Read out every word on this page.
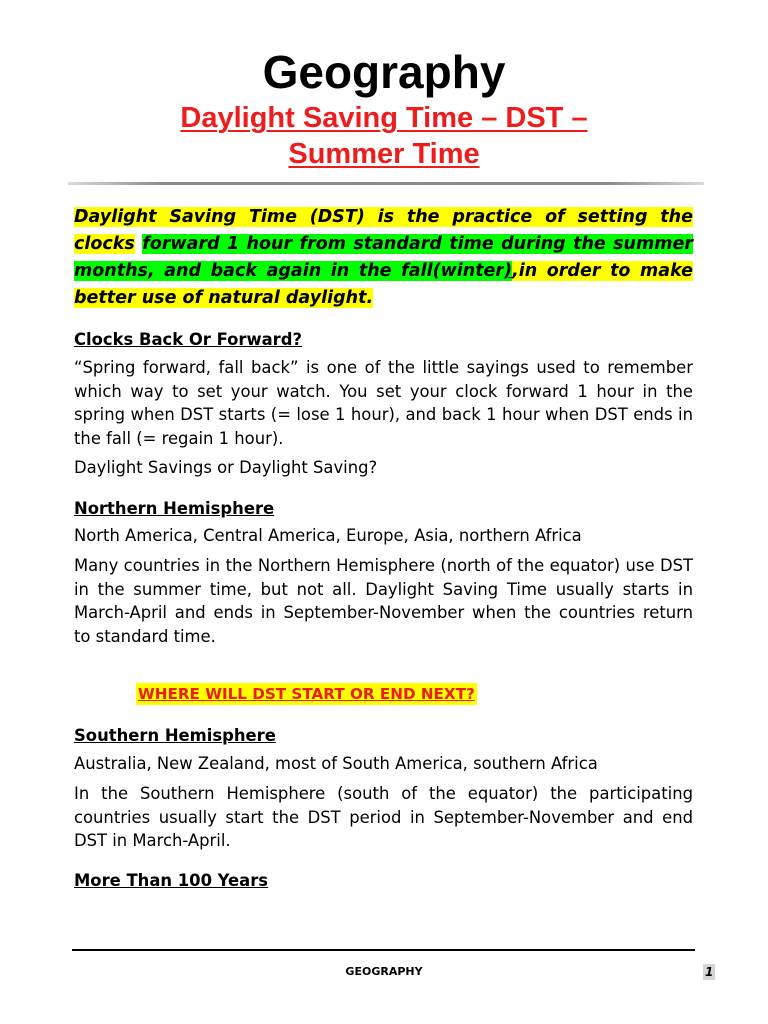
Geography
Daylight Saving Time – DST –
Summer Time

Daylight Saving Time (DST) is the practice of setting the clocks forward 1 hour from standard time during the summer months, and back again in the fall(winter),in order to make better use of natural daylight.

Clocks Back Or Forward?

“Spring forward, fall back” is one of the little sayings used to remember which way to set your watch. You set your clock forward 1 hour in the spring when DST starts (= lose 1 hour), and back 1 hour when DST ends in the fall (= regain 1 hour).

Daylight Savings or Daylight Saving?

Northern Hemisphere

North America, Central America, Europe, Asia, northern Africa

Many countries in the Northern Hemisphere (north of the equator) use DST in the summer time, but not all. Daylight Saving Time usually starts in March-April and ends in September-November when the countries return to standard time.

WHERE WILL DST START OR END NEXT?
Southern Hemisphere

Australia, New Zealand, most of South America, southern Africa

In the Southern Hemisphere (south of the equator) the participating countries usually start the DST period in September-November and end DST in March-April.

More Than 100 Years
GEOGRAPHY	1
